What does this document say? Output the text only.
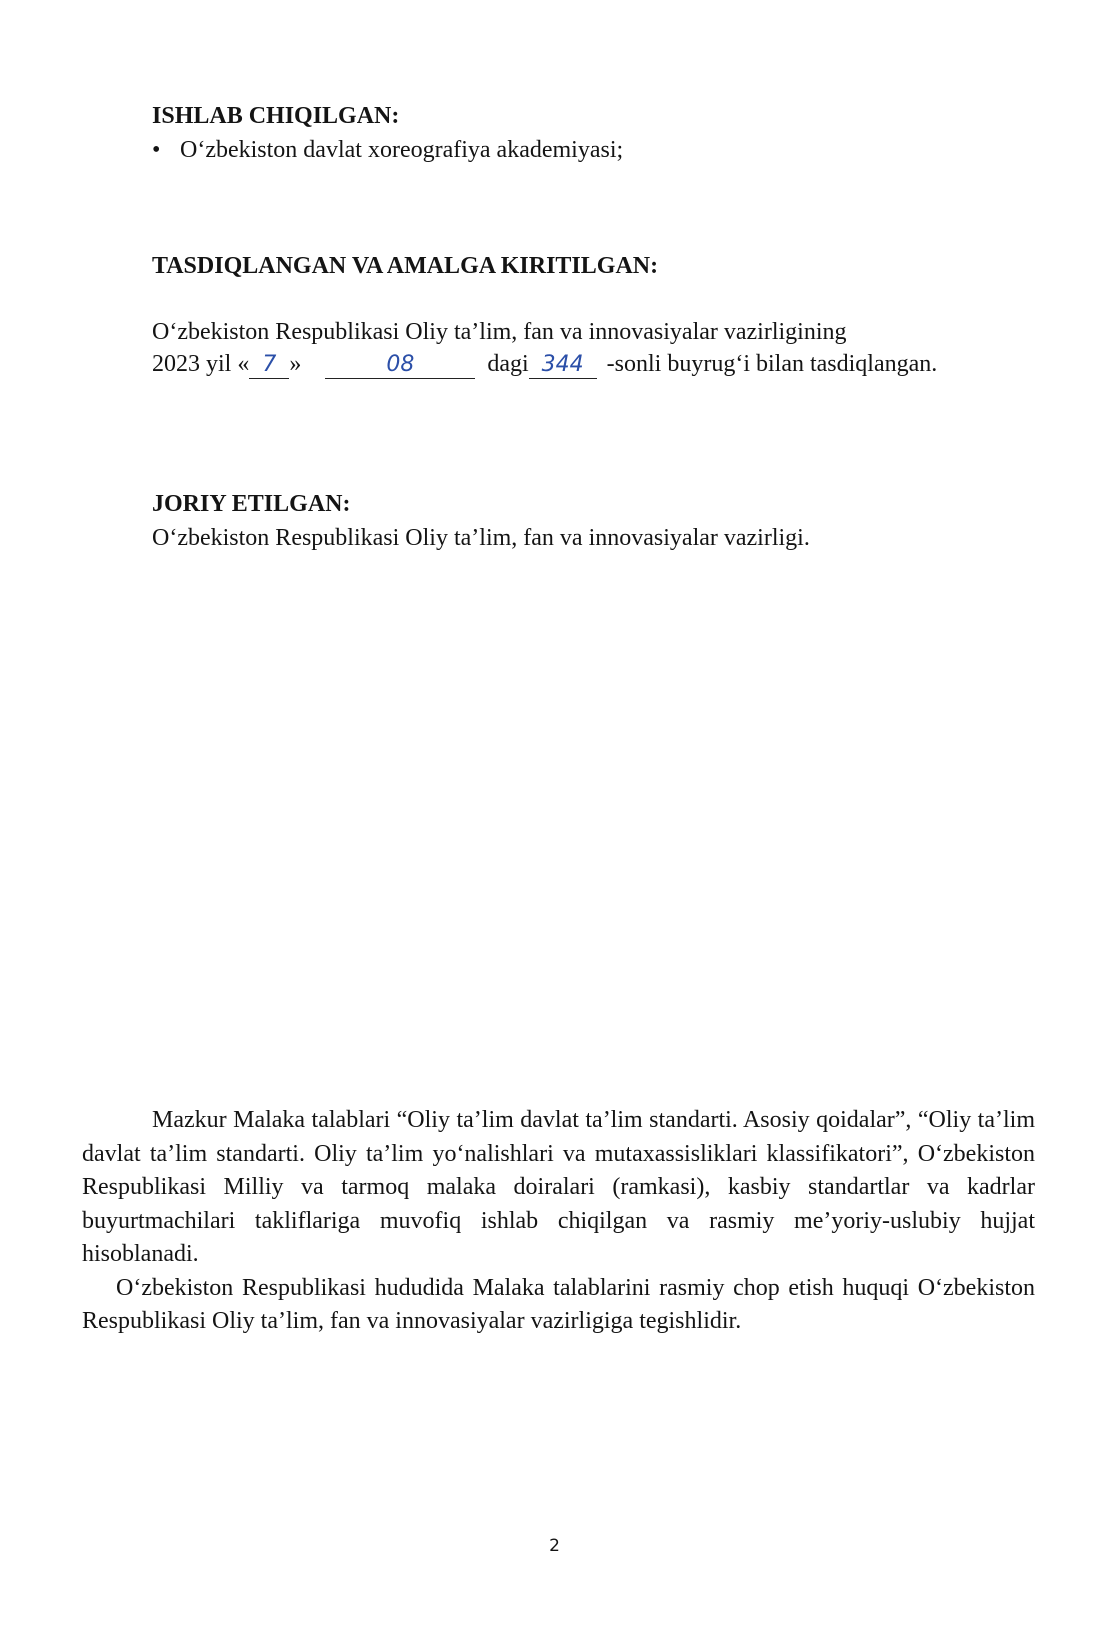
ISHLAB CHIQILGAN:
• O‘zbekiston davlat xoreografiya akademiyasi;
TASDIQLANGAN VA AMALGA KIRITILGAN:
O‘zbekiston Respublikasi Oliy ta’lim, fan va innovasiyalar vazirligining
2023 yil « 7 »	08	dagi 344 -sonli buyrug‘i bilan tasdiqlangan.
JORIY ETILGAN:
O‘zbekiston Respublikasi Oliy ta’lim, fan va innovasiyalar vazirligi.

Mazkur Malaka talablari “Oliy ta’lim davlat ta’lim standarti. Asosiy qoidalar”, “Oliy ta’lim davlat ta’lim standarti. Oliy ta’lim yo‘nalishlari va mutaxassisliklari klassifikatori”, O‘zbekiston Respublikasi Milliy va tarmoq malaka doiralari (ramkasi), kasbiy standartlar va kadrlar buyurtmachilari takliflariga muvofiq ishlab chiqilgan va rasmiy me’yoriy-uslubiy hujjat hisoblanadi.

O‘zbekiston Respublikasi hududida Malaka talablarini rasmiy chop etish huquqi O‘zbekiston Respublikasi Oliy ta’lim, fan va innovasiyalar vazirligiga tegishlidir.

2
